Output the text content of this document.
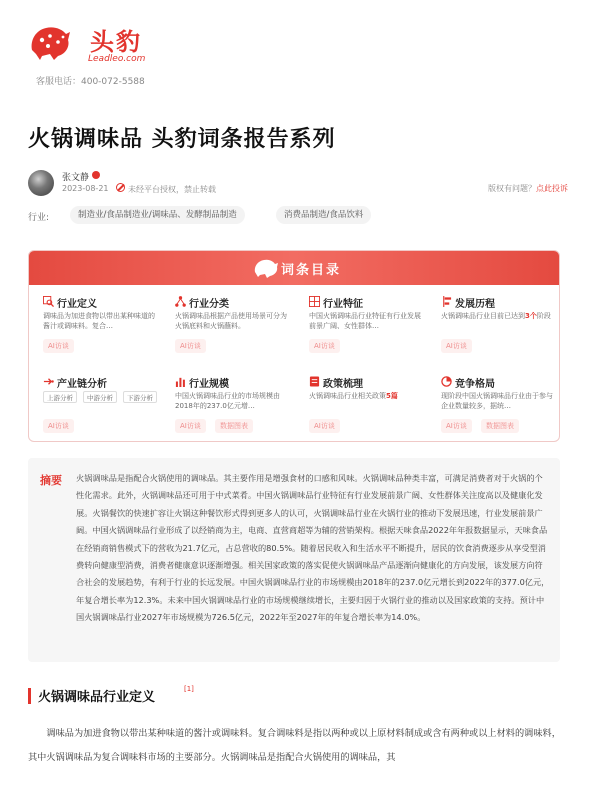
头豹
Leadleo.com
客服电话：400-072-5588
火锅调味品 头豹词条报告系列
张文静
2023-08-21 未经平台授权，禁止转载	版权有问题？点此投诉
行业:	制造业/食品制造业/调味品、发酵制品制造	消费品制造/食品饮料
词条目录
行业定义
调味品为加进食物以带出某种味道的酱汁或调味料。复合…
AI访谈
行业分类
火锅调味品根据产品使用场景可分为火锅底料和火锅蘸料。
AI访谈
行业特征
中国火锅调味品行业特征有行业发展前景广阔、女性群体…
AI访谈
发展历程
火锅调味品行业目前已达到3个阶段
AI访谈
产业链分析
上游分析	中游分析	下游分析
AI访谈
行业规模
中国火锅调味品行业的市场规模由2018年的237.0亿元增…
AI访谈	数据图表
政策梳理
火锅调味品行业相关政策5篇
AI访谈
竞争格局
现阶段中国火锅调味品行业由于参与企业数量较多，据统…
AI访谈	数据图表
摘要 火锅调味品是指配合火锅使用的调味品。其主要作用是增强食材的口感和风味。火锅调味品种类丰富，可满足消费者对于火锅的个性化需求。此外，火锅调味品还可用于中式菜肴。中国火锅调味品行业特征有行业发展前景广阔、女性群体关注度高以及健康化发展。火锅餐饮的快速扩容让火锅这种餐饮形式得到更多人的认可，火锅调味品行业在火锅行业的推动下发展迅速，行业发展前景广阔。中国火锅调味品行业形成了以经销商为主，电商、直营商超等为辅的营销架构。根据天味食品2022年年报数据显示，天味食品在经销商销售模式下的营收为21.7亿元，占总营收的80.5%。随着居民收入和生活水平不断提升，居民的饮食消费逐步从享受型消费转向健康型消费，消费者健康意识逐渐增强。相关国家政策的落实促使火锅调味品产品逐渐向健康化的方向发展，该发展方向符合社会的发展趋势，有利于行业的长远发展。中国火锅调味品行业的市场规模由2018年的237.0亿元增长到2022年的377.0亿元，年复合增长率为12.3%。未来中国火锅调味品行业的市场规模继续增长，主要归因于火锅行业的推动以及国家政策的支持。预计中国火锅调味品行业2027年市场规模为726.5亿元，2022年至2027年的年复合增长率为14.0%。

火锅调味品行业定义
[1]

调味品为加进食物以带出某种味道的酱汁或调味料。复合调味料是指以两种或以上原材料制成或含有两种或以上材料的调味料，其中火锅调味品为复合调味料市场的主要部分。火锅调味品是指配合火锅使用的调味品，其
